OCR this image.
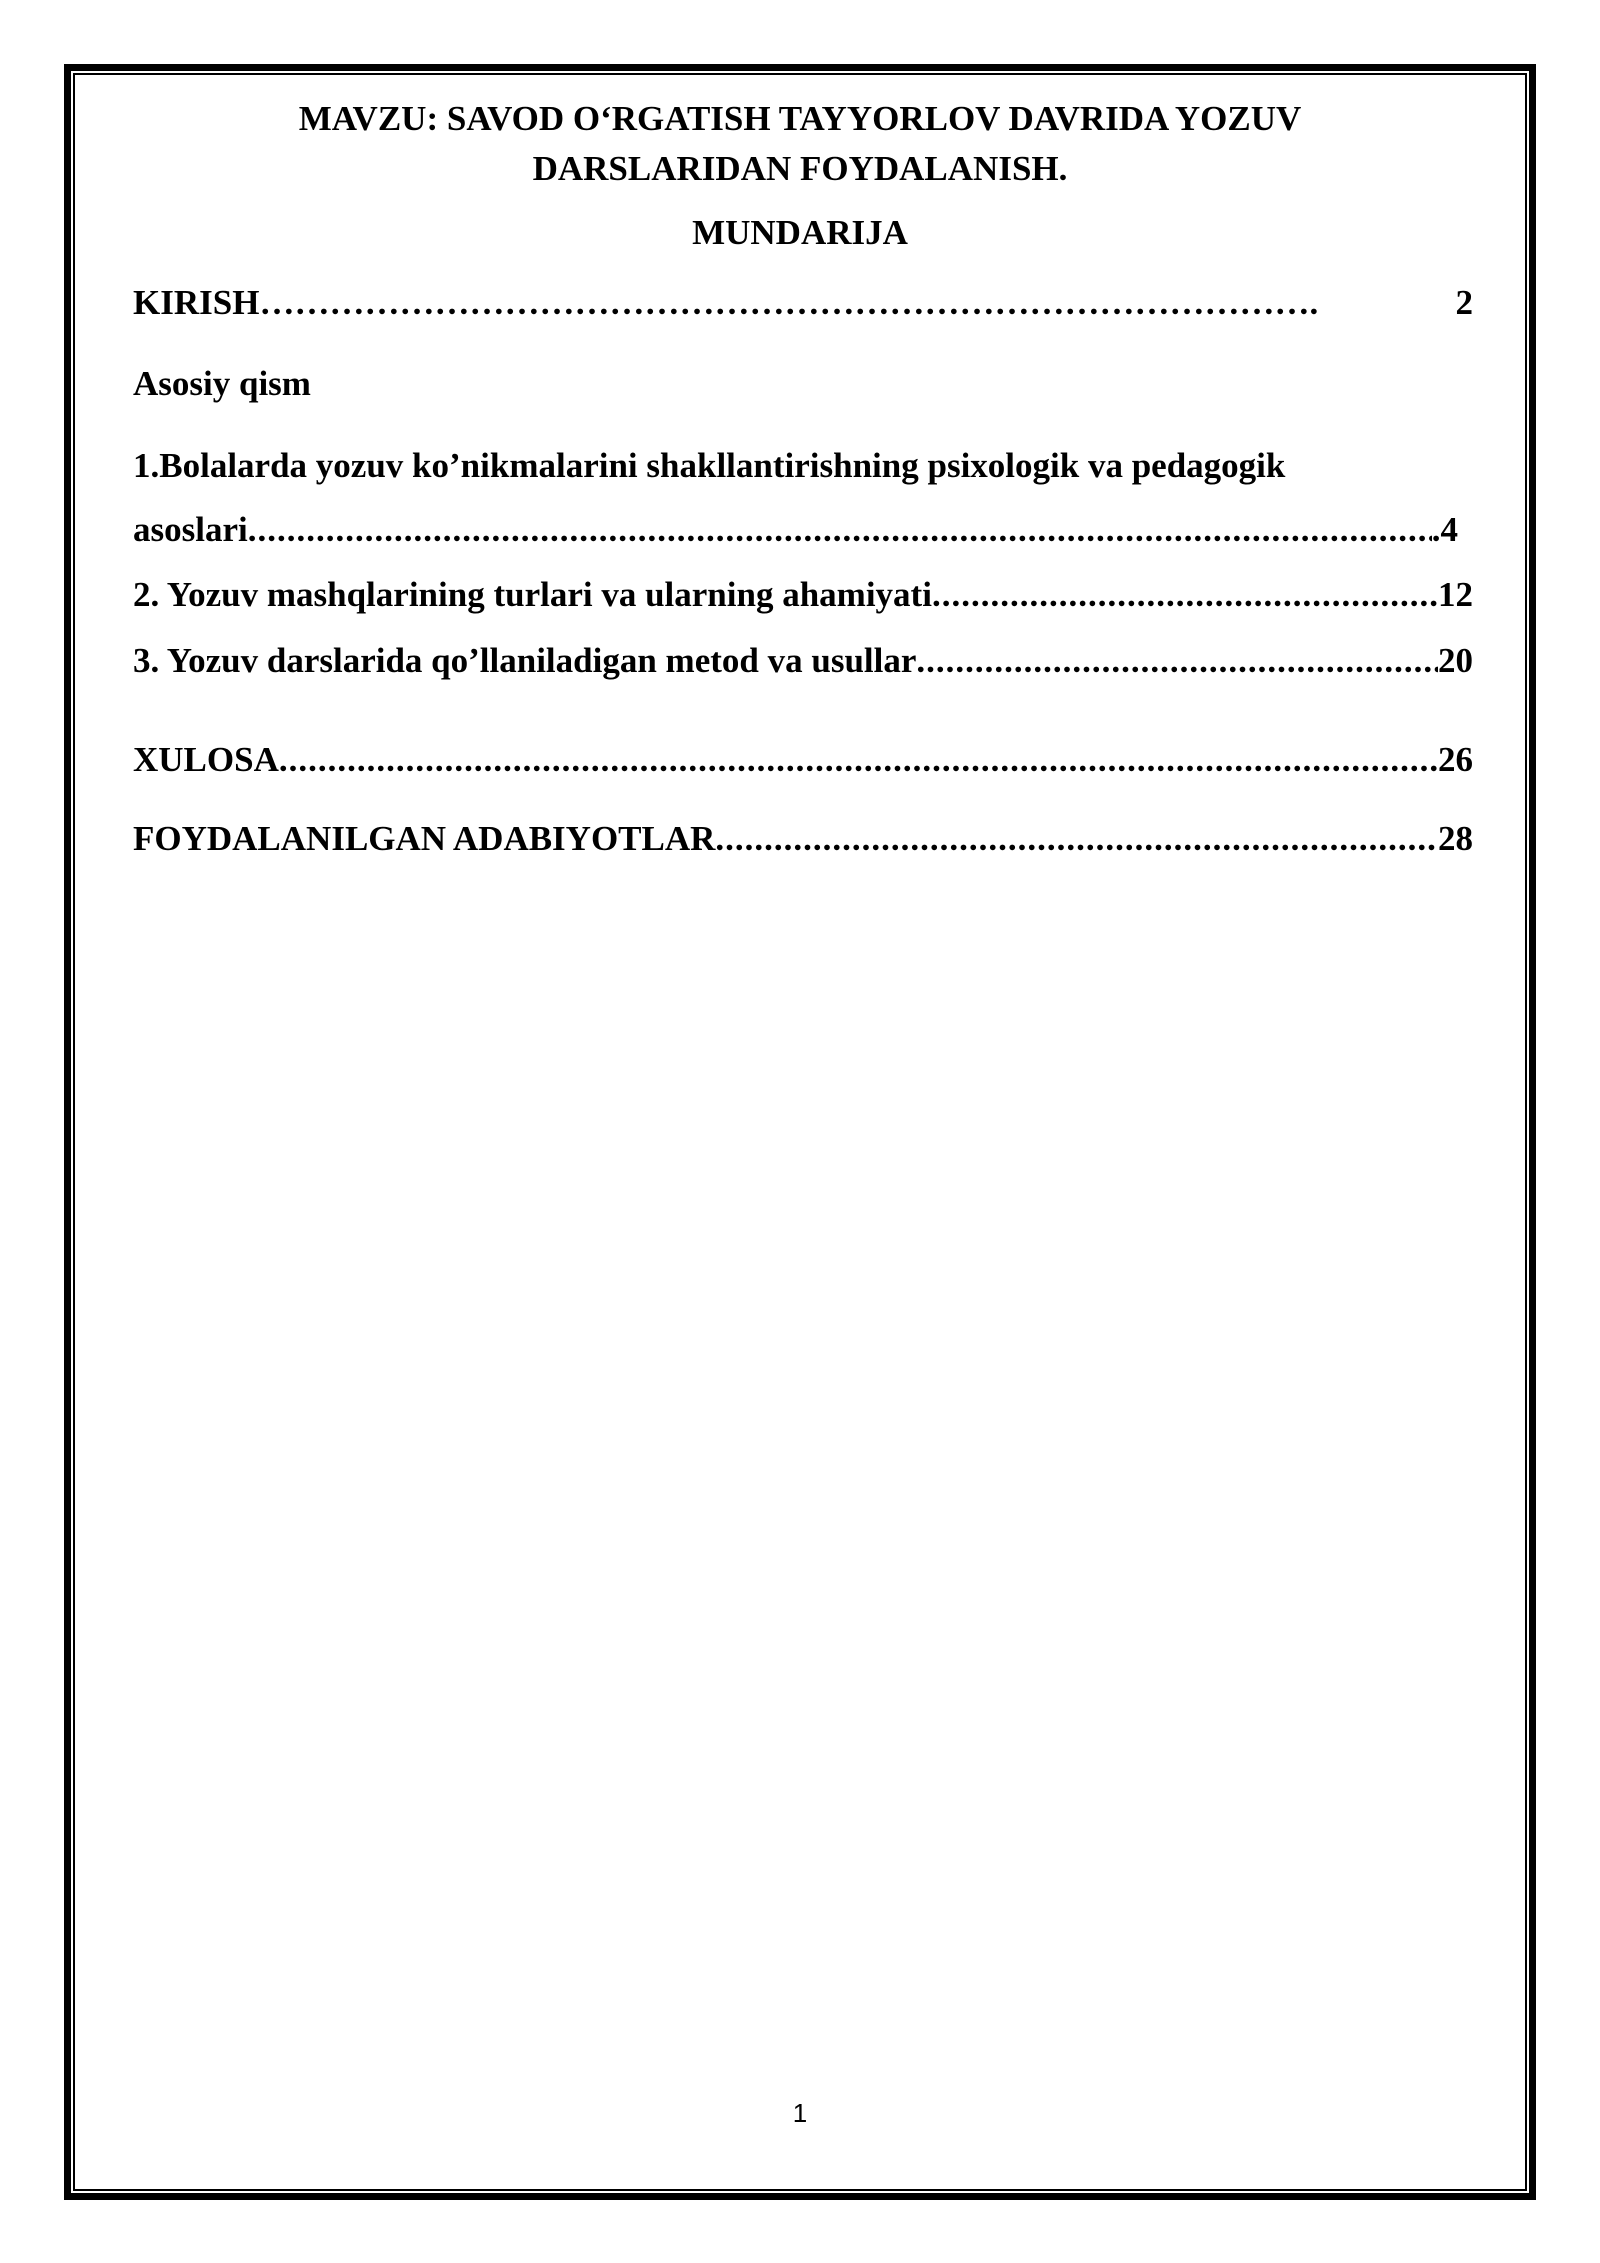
MAVZU: SAVOD O‘RGATISH TAYYORLOV DAVRIDA YOZUV
DARSLARIDAN FOYDALANISH.
MUNDARIJA
KIRISH ……………………………………………………………………………….	2
Asosiy qism
1.Bolalarda yozuv ko’nikmalarini shakllantirishning psixologik va pedagogik
asoslari .....	.4
2. Yozuv mashqlarining turlari va ularning ahamiyati .....	12
3. Yozuv darslarida qo’llaniladigan metod va usullar .....	20
XULOSA .....	26
FOYDALANILGAN ADABIYOTLAR .....	28
1
